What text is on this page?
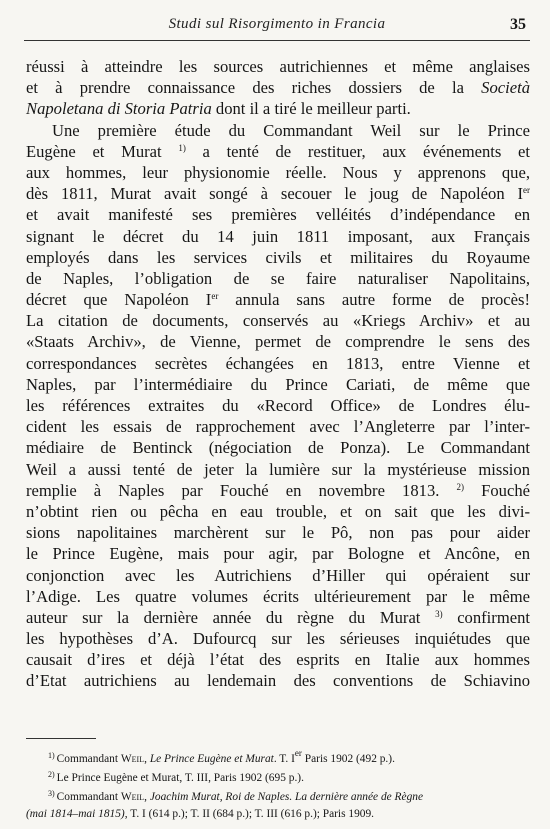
Studi sul Risorgimento in Francia	35
réussi à atteindre les sources autrichiennes et même anglaises
et à prendre connaissance des riches dossiers de la Società
Napoletana di Storia Patria dont il a tiré le meilleur parti.
Une première étude du Commandant Weil sur le Prince
Eugène et Murat $^{1)}$ a tenté de restituer, aux événements et
aux hommes, leur physionomie réelle. Nous y apprenons que,
dès 1811, Murat avait songé à secouer le joug de Napoléon Ier
et avait manifesté ses premières velléités d’indépendance en
signant le décret du 14 juin 1811 imposant, aux Français
employés dans les services civils et militaires du Royaume
de Naples, l’obligation de se faire naturaliser Napolitains,
décret que Napoléon Ier annula sans autre forme de procès!
La citation de documents, conservés au «Kriegs Archiv» et au
«Staats Archiv», de Vienne, permet de comprendre le sens des
correspondances secrètes échangées en 1813, entre Vienne et
Naples, par l’intermédiaire du Prince Cariati, de même que
les références extraites du «Record Office» de Londres élu-
cident les essais de rapprochement avec l’Angleterre par l’inter-
médiaire de Bentinck (négociation de Ponza). Le Commandant
Weil a aussi tenté de jeter la lumière sur la mystérieuse mission
remplie à Naples par Fouché en novembre 1813. $^{2)}$ Fouché
n’obtint rien ou pêcha en eau trouble, et on sait que les divi-
sions napolitaines marchèrent sur le Pô, non pas pour aider
le Prince Eugène, mais pour agir, par Bologne et Ancône, en
conjonction avec les Autrichiens d’Hiller qui opéraient sur
l’Adige. Les quatre volumes écrits ultérieurement par le même
auteur sur la dernière année du règne du Murat $^{3)}$ confirment
les hypothèses d’A. Dufourcq sur les sérieuses inquiétudes que
causait d’ires et déjà l’état des esprits en Italie aux hommes
d’Etat autrichiens au lendemain des conventions de Schiavino
$^{1)}$ Commandant Weil, Le Prince Eugène et Murat. T. Ier Paris 1902 (492 p.).
$^{2)}$ Le Prince Eugène et Murat, T. III, Paris 1902 (695 p.).
$^{3)}$ Commandant Weil, Joachim Murat, Roi de Naples. La dernière année de Règne
(mai 1814–mai 1815), T. I (614 p.); T. II (684 p.); T. III (616 p.); Paris 1909.
